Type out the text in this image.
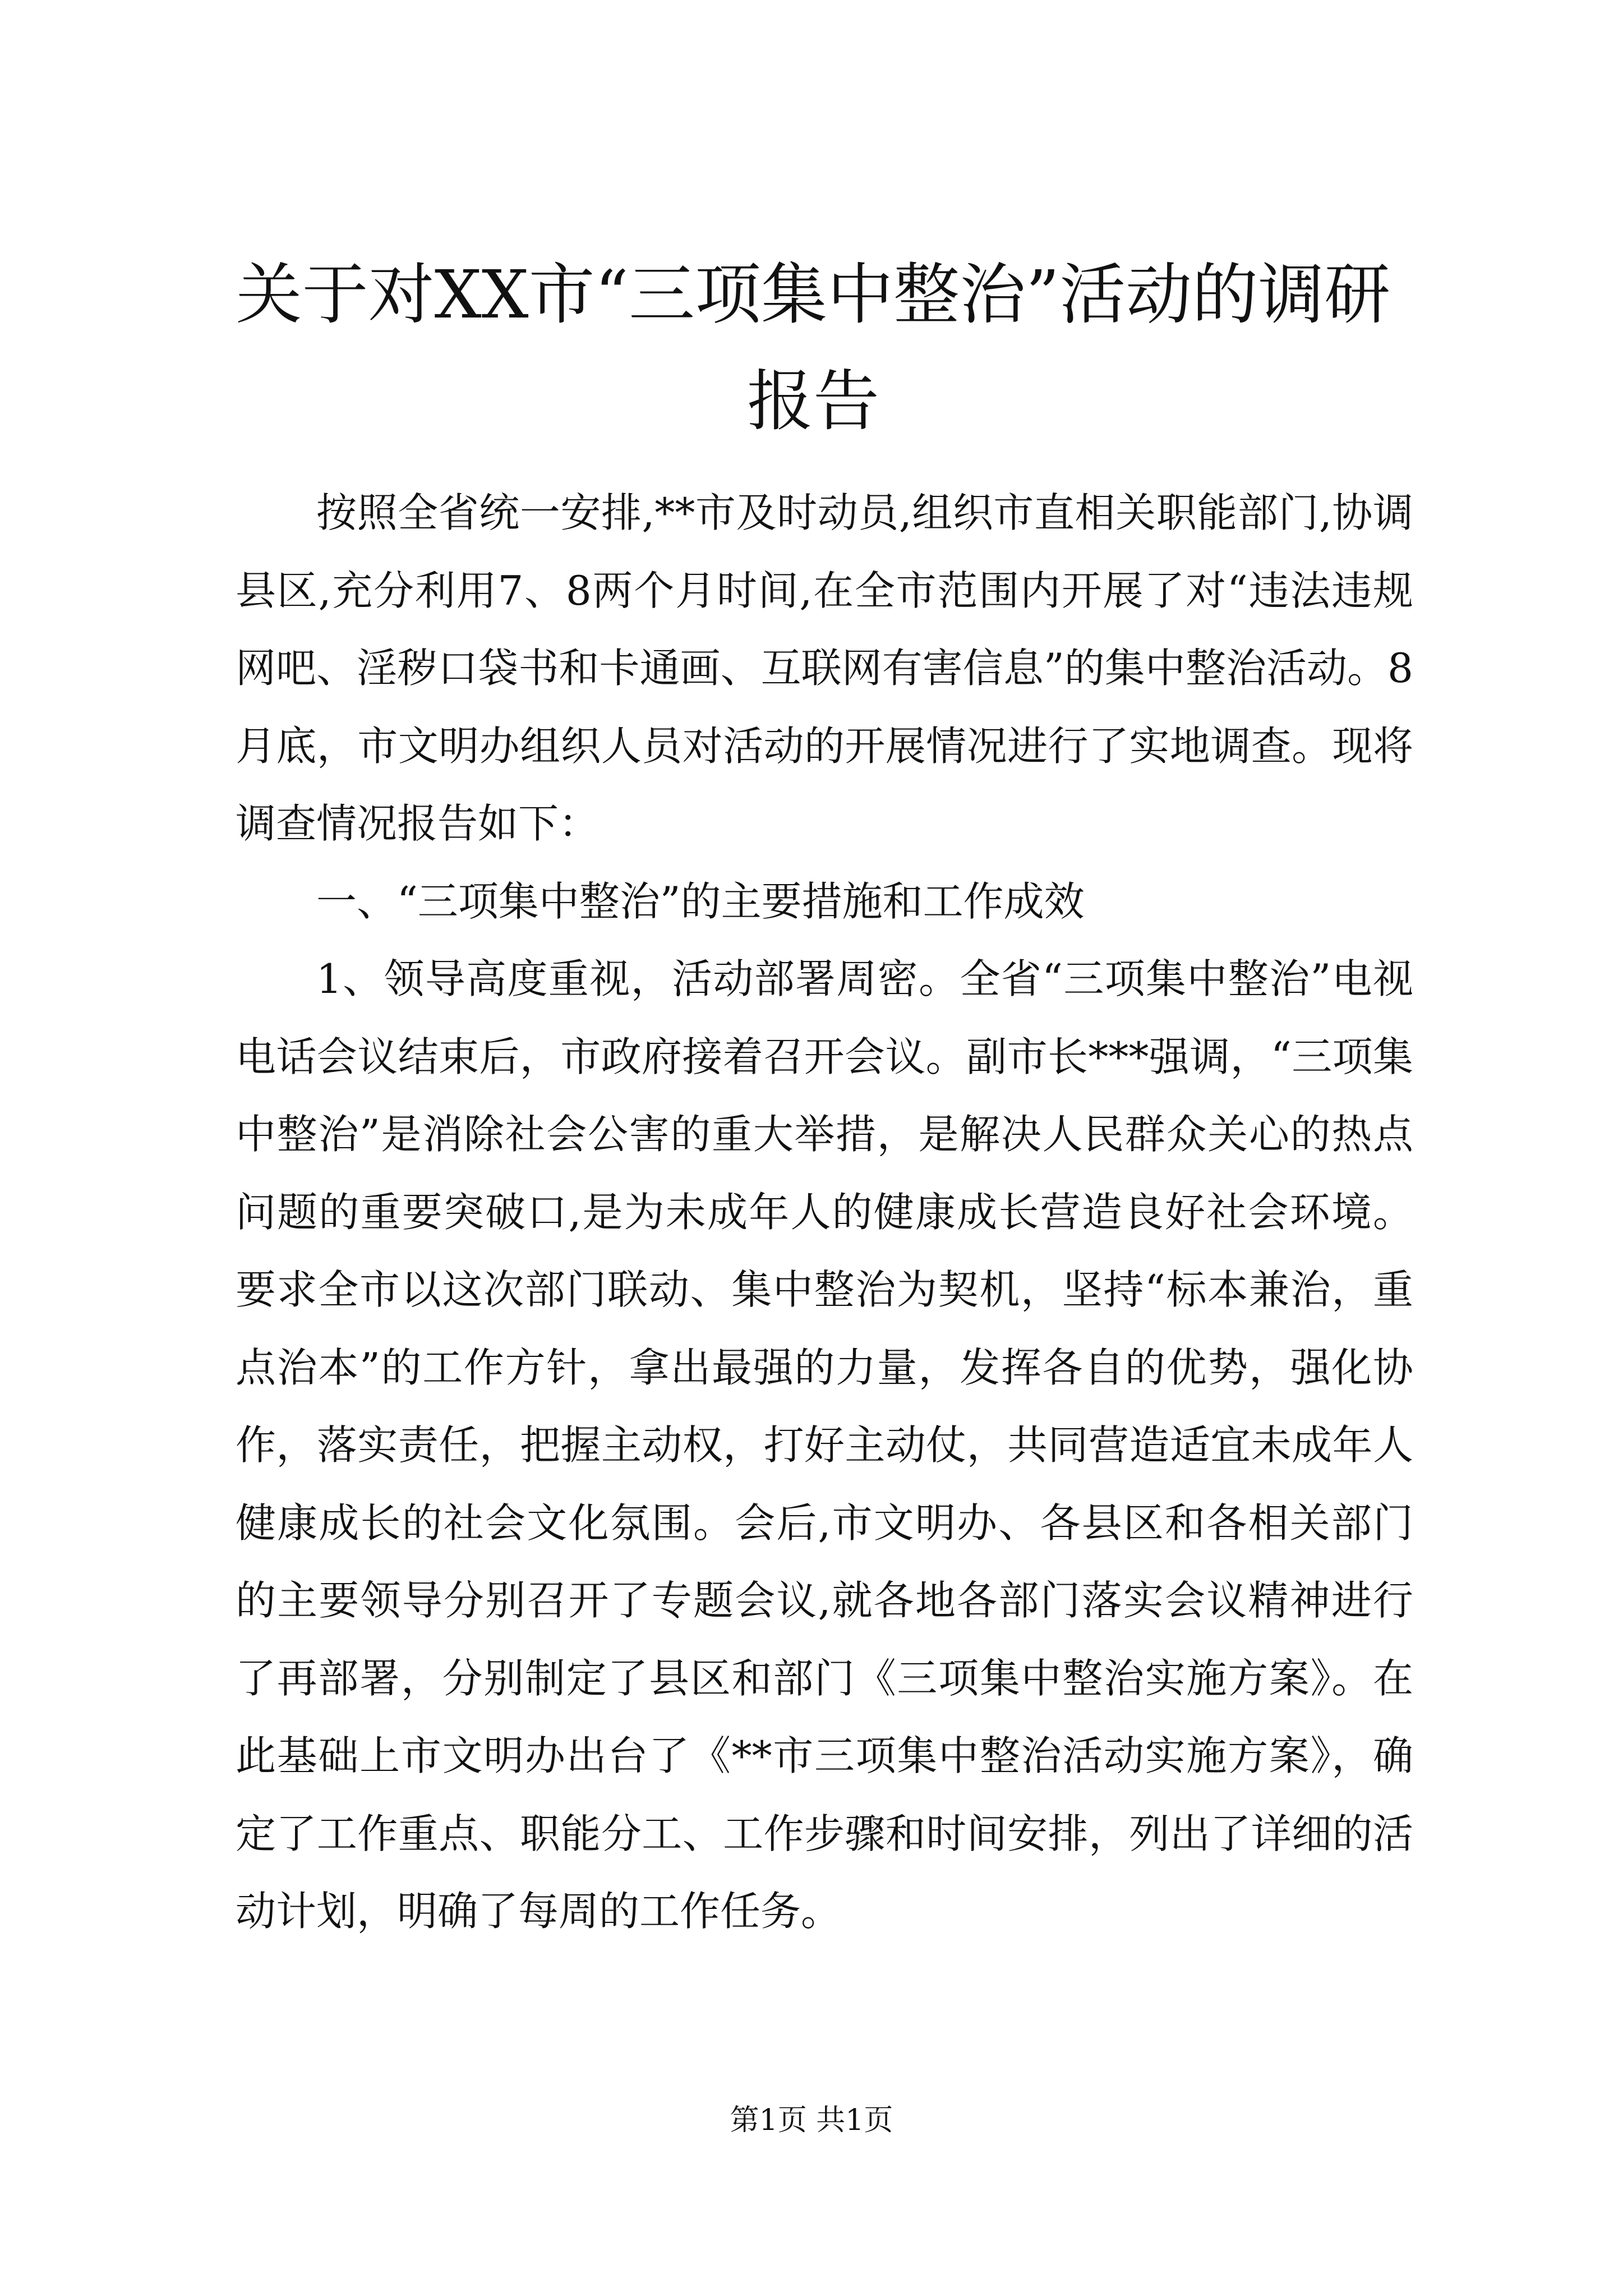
关于对XX市“三项集中整治”活动的调研报告

按照全省统一安排,**市及时动员,组织市直相关职能部门,协调县区,充分利用7、8两个月时间,在全市范围内开展了对“违法违规网吧、淫秽口袋书和卡通画、互联网有害信息”的集中整治活动。8月底，市文明办组织人员对活动的开展情况进行了实地调查。现将调查情况报告如下：

一、“三项集中整治”的主要措施和工作成效

1、领导高度重视，活动部署周密。全省“三项集中整治”电视电话会议结束后，市政府接着召开会议。副市长***强调，“三项集中整治”是消除社会公害的重大举措，是解决人民群众关心的热点问题的重要突破口,是为未成年人的健康成长营造良好社会环境。要求全市以这次部门联动、集中整治为契机，坚持“标本兼治，重点治本”的工作方针，拿出最强的力量，发挥各自的优势，强化协作，落实责任，把握主动权，打好主动仗，共同营造适宜未成年人健康成长的社会文化氛围。会后,市文明办、各县区和各相关部门的主要领导分别召开了专题会议,就各地各部门落实会议精神进行了再部署，分别制定了县区和部门《三项集中整治实施方案》。在此基础上市文明办出台了《**市三项集中整治活动实施方案》，确定了工作重点、职能分工、工作步骤和时间安排，列出了详细的活动计划，明确了每周的工作任务。

第1页 共1页
